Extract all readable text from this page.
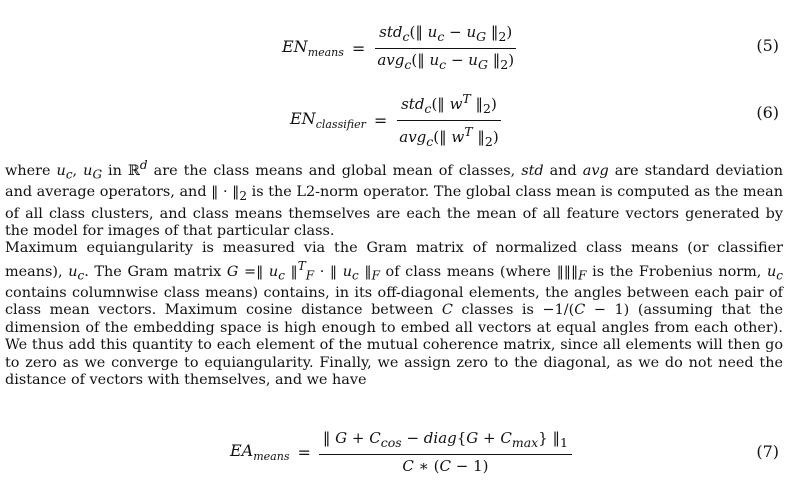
$EN_{means} = \frac{std_c(‖ u_c - u_G ‖_2)}{avg_c(‖ u_c - u_G ‖_2)}$	(5)
$EN_{classifier} = \frac{std_c(‖ w^T ‖_2)}{avg_c(‖ w^T ‖_2)}$	(6)

where $u_c$, $u_G$ in ℝ$^d$ are the class means and global mean of classes, std and avg are standard deviation and average operators, and ‖ · $‖_2$ is the L2-norm operator. The global class mean is computed as the mean of all class clusters, and class means themselves are each the mean of all feature vectors generated by the model for images of that particular class.

Maximum equiangularity is measured via the Gram matrix of normalized class means (or classifier means), $u_c$. The Gram matrix G =‖ $u_c$ ‖$^T_F$ · ‖ $u_c$ $‖_F$ of class means (where $‖‖‖_F$ is the Frobenius norm, $u_c$ contains columnwise class means) contains, in its off-diagonal elements, the angles between each pair of class mean vectors. Maximum cosine distance between C classes is −1/(C − 1) (assuming that the dimension of the embedding space is high enough to embed all vectors at equal angles from each other). We thus add this quantity to each element of the mutual coherence matrix, since all elements will then go to zero as we converge to equiangularity. Finally, we assign zero to the diagonal, as we do not need the distance of vectors with themselves, and we have

$EA_{means} = \frac{‖ G + C_{cos} - diag\{G + C_{max}\} ‖_1}{C ∗ (C - 1)}$	(7)
